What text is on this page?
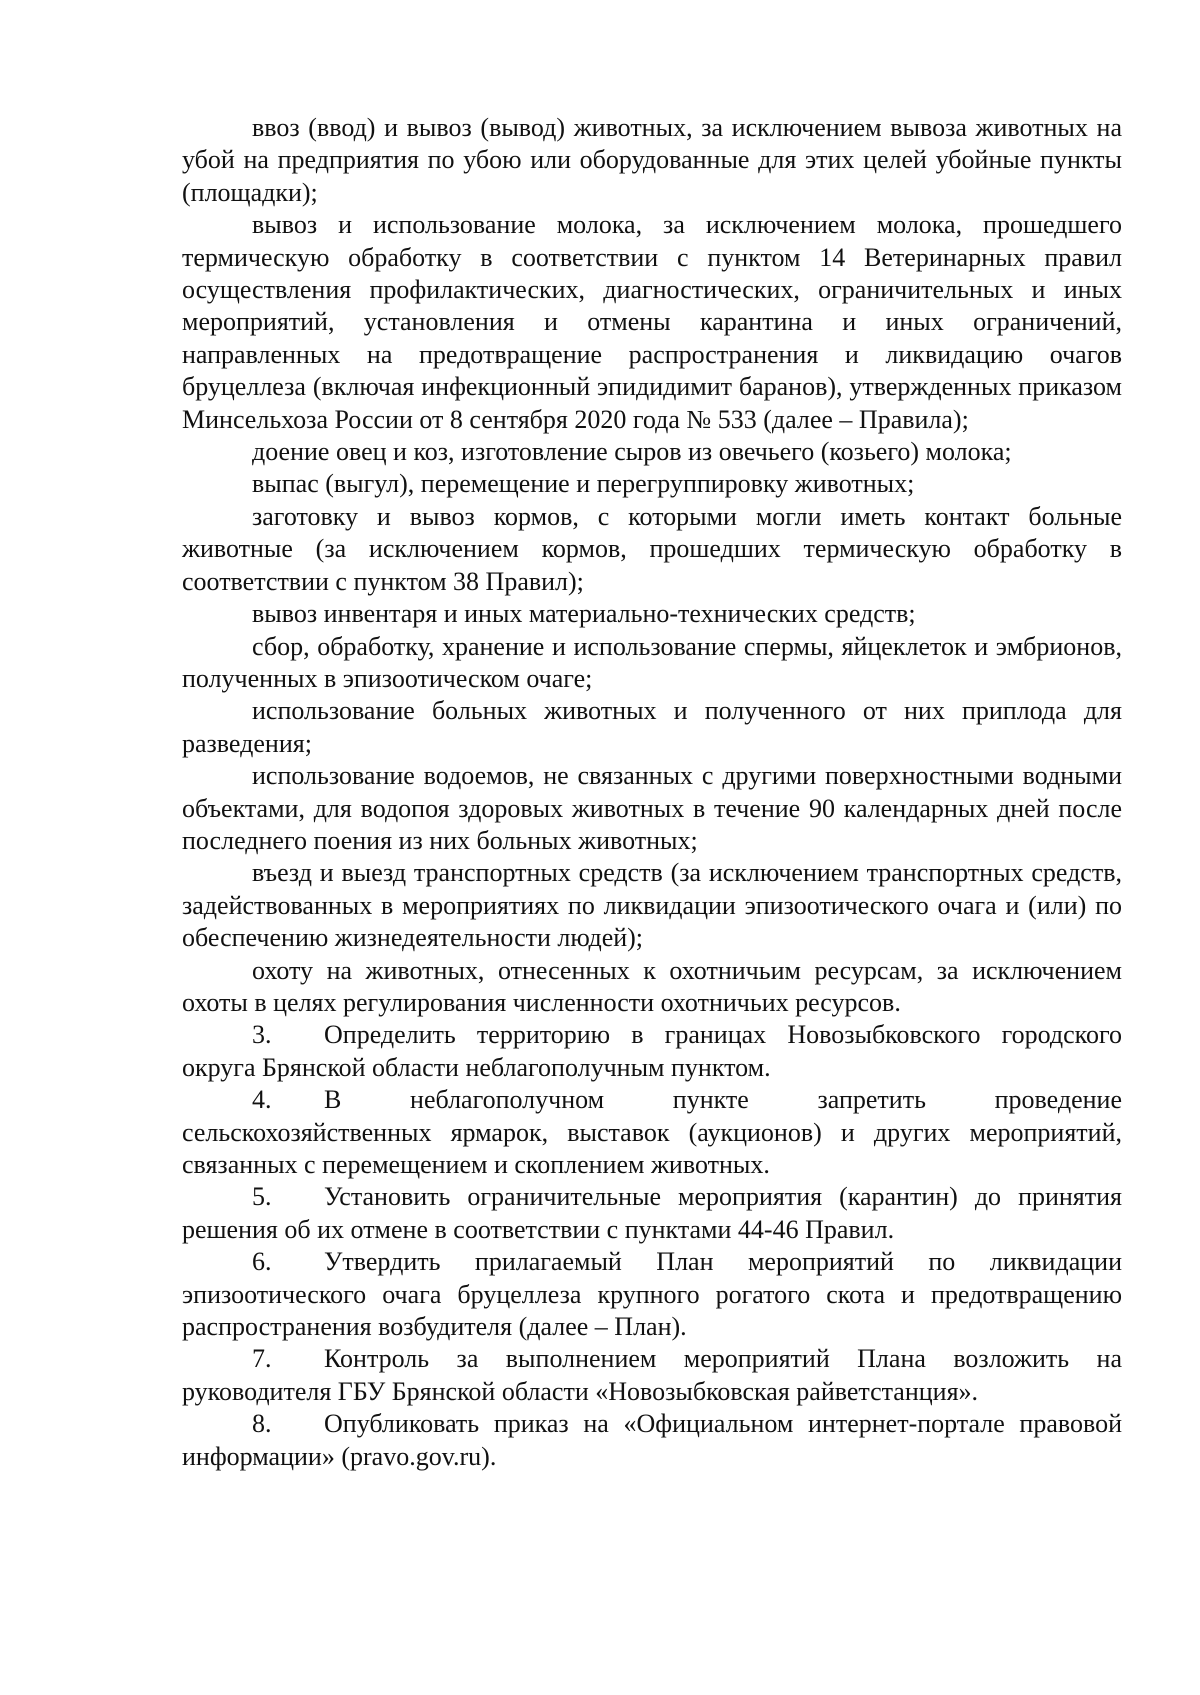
ввоз (ввод) и вывоз (вывод) животных, за исключением вывоза животных на убой на предприятия по убою или оборудованные для этих целей убойные пункты (площадки);

вывоз и использование молока, за исключением молока, прошедшего термическую обработку в соответствии с пунктом 14 Ветеринарных правил осуществления профилактических, диагностических, ограничительных и иных мероприятий, установления и отмены карантина и иных ограничений, направленных на предотвращение распространения и ликвидацию очагов бруцеллеза (включая инфекционный эпидидимит баранов), утвержденных приказом Минсельхоза России от 8 сентября 2020 года № 533 (далее – Правила);

доение овец и коз, изготовление сыров из овечьего (козьего) молока;

выпас (выгул), перемещение и перегруппировку животных;

заготовку и вывоз кормов, с которыми могли иметь контакт больные животные (за исключением кормов, прошедших термическую обработку в соответствии с пунктом 38 Правил);

вывоз инвентаря и иных материально-технических средств;

сбор, обработку, хранение и использование спермы, яйцеклеток и эмбрионов, полученных в эпизоотическом очаге;

использование больных животных и полученного от них приплода для разведения;

использование водоемов, не связанных с другими поверхностными водными объектами, для водопоя здоровых животных в течение 90 календарных дней после последнего поения из них больных животных;

въезд и выезд транспортных средств (за исключением транспортных средств, задействованных в мероприятиях по ликвидации эпизоотического очага и (или) по обеспечению жизнедеятельности людей);

охоту на животных, отнесенных к охотничьим ресурсам, за исключением охоты в целях регулирования численности охотничьих ресурсов.

3. Определить территорию в границах Новозыбковского городского округа Брянской области неблагополучным пунктом.

4. В неблагополучном пункте запретить проведение сельскохозяйственных ярмарок, выставок (аукционов) и других мероприятий, связанных с перемещением и скоплением животных.

5. Установить ограничительные мероприятия (карантин) до принятия решения об их отмене в соответствии с пунктами 44-46 Правил.

6. Утвердить прилагаемый План мероприятий по ликвидации эпизоотического очага бруцеллеза крупного рогатого скота и предотвращению распространения возбудителя (далее – План).

7. Контроль за выполнением мероприятий Плана возложить на руководителя ГБУ Брянской области «Новозыбковская райветстанция».

8. Опубликовать приказ на «Официальном интернет-портале правовой информации» (pravo.gov.ru).
